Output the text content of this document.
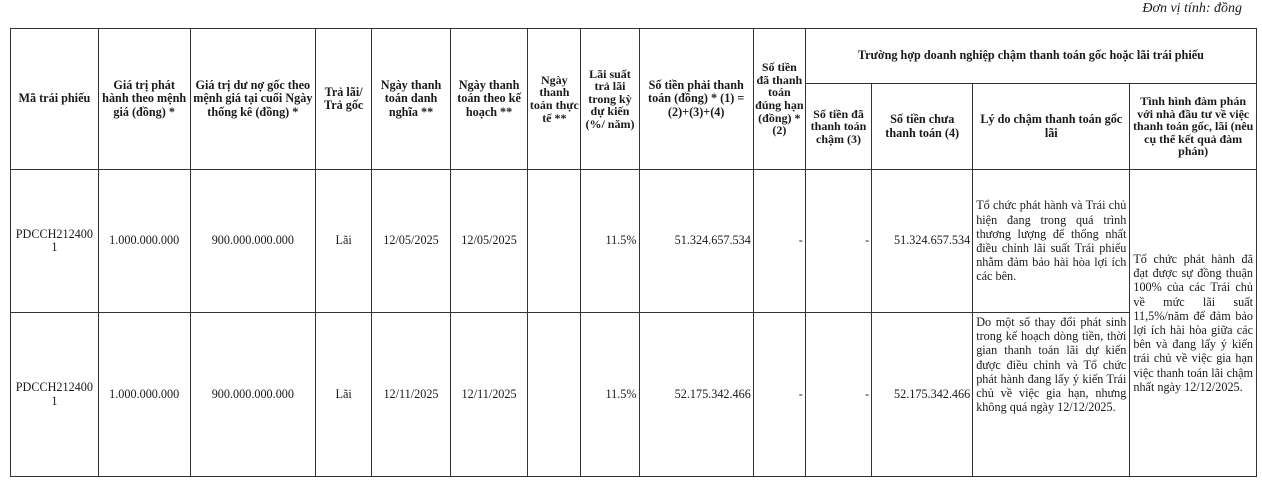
Đơn vị tính: đồng
Mã trái phiếu	Giá trị phát hành theo mệnh giá (đồng) *	Giá trị dư nợ gốc theo mệnh giá tại cuối Ngày thống kê (đồng) *	Trả lãi/ Trả gốc	Ngày thanh toán danh nghĩa **	Ngày thanh toán theo kế hoạch **	Ngày thanh toán thực tế **	Lãi suất trả lãi trong kỳ dự kiến (%/ năm)	Số tiền phải thanh toán (đồng) * (1) = (2)+(3)+(4)	Số tiền đã thanh toán đúng hạn (đồng) * (2)	Trường hợp doanh nghiệp chậm thanh toán gốc hoặc lãi trái phiếu			
										Số tiền đã thanh toán chậm (3)	Số tiền chưa thanh toán (4)	Lý do chậm thanh toán gốc lãi	Tình hình đàm phán với nhà đầu tư về việc thanh toán gốc, lãi (nêu cụ thể kết quả đàm phán)
PDCCH2124001	1.000.000.000	900.000.000.000	Lãi	12/05/2025	12/05/2025		11.5%	51.324.657.534	-	-	51.324.657.534	Tổ chức phát hành và Trái chủ hiện đang trong quá trình thương lượng để thống nhất điều chỉnh lãi suất Trái phiếu nhằm đảm bảo hài hòa lợi ích các bên.	Tổ chức phát hành đã đạt được sự đồng thuận 100% của các Trái chủ về mức lãi suất 11,5%/năm để đảm bảo lợi ích hài hòa giữa các bên và đang lấy ý kiến trái chủ về việc gia hạn việc thanh toán lãi chậm nhất ngày 12/12/2025.
PDCCH2124001	1.000.000.000	900.000.000.000	Lãi	12/11/2025	12/11/2025		11.5%	52.175.342.466	-	-	52.175.342.466	Do một số thay đổi phát sinh trong kế hoạch dòng tiền, thời gian thanh toán lãi dự kiến được điều chỉnh và Tổ chức phát hành đang lấy ý kiến Trái chủ về việc gia hạn, nhưng không quá ngày 12/12/2025.	
